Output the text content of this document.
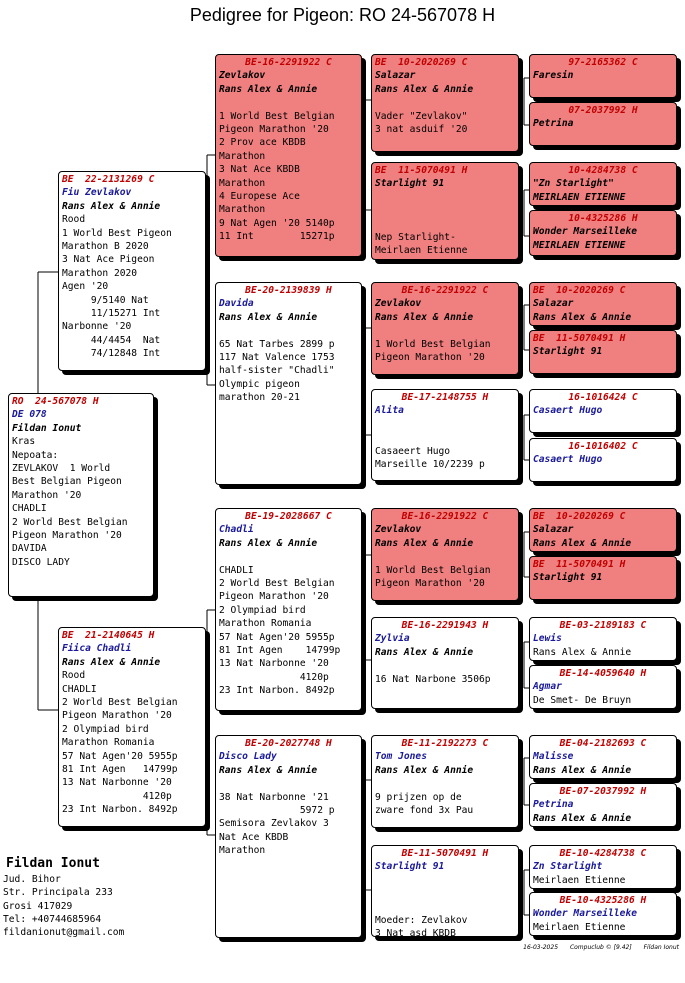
Pedigree for Pigeon: RO 24-567078 H
RO  24-567078 H
DE 078
Fildan Ionut
Kras
Nepoata:
ZEVLAKOV  1 World
Best Belgian Pigeon
Marathon '20
CHADLI
2 World Best Belgian
Pigeon Marathon '20
DAVIDA
DISCO LADY
BE  22-2131269 C
Fiu Zevlakov
Rans Alex & Annie
Rood
1 World Best Pigeon
Marathon B 2020
3 Nat Ace Pigeon
Marathon 2020
Agen '20
9/5140 Nat
11/15271 Int
Narbonne '20
44/4454  Nat
74/12848 Int
BE  21-2140645 H
Fiica Chadli
Rans Alex & Annie
Rood
CHADLI
2 World Best Belgian
Pigeon Marathon '20
2 Olympiad bird
Marathon Romania
57 Nat Agen'20 5955p
81 Int Agen   14799p
13 Nat Narbonne '20
4120p
23 Int Narbon. 8492p
BE-16-2291922 C
Zevlakov
Rans Alex & Annie
1 World Best Belgian
Pigeon Marathon '20
2 Prov ace KBDB
Marathon
3 Nat Ace KBDB
Marathon
4 Europese Ace
Marathon
9 Nat Agen '20 5140p
11 Int        15271p
BE-20-2139839 H
Davida
Rans Alex & Annie
65 Nat Tarbes 2899 p
117 Nat Valence 1753
half-sister "Chadli"
Olympic pigeon
marathon 20-21
BE-19-2028667 C
Chadli
Rans Alex & Annie
CHADLI
2 World Best Belgian
Pigeon Marathon '20
2 Olympiad bird
Marathon Romania
57 Nat Agen'20 5955p
81 Int Agen    14799p
13 Nat Narbonne '20
4120p
23 Int Narbon. 8492p
BE-20-2027748 H
Disco Lady
Rans Alex & Annie
38 Nat Narbonne '21
5972 p
Semisora Zevlakov 3
Nat Ace KBDB
Marathon
BE  10-2020269 C
Salazar
Rans Alex & Annie
Vader "Zevlakov"
3 nat asduif '20
BE  11-5070491 H
Starlight 91
Nep Starlight-
Meirlaen Etienne
BE-16-2291922 C
Zevlakov
Rans Alex & Annie
1 World Best Belgian
Pigeon Marathon '20
BE-17-2148755 H
Alita
Casaeert Hugo
Marseille 10/2239 p
BE-16-2291922 C
Zevlakov
Rans Alex & Annie
1 World Best Belgian
Pigeon Marathon '20
BE-16-2291943 H
Zylvia
Rans Alex & Annie
16 Nat Narbone 3506p
BE-11-2192273 C
Tom Jones
Rans Alex & Annie
9 prijzen op de
zware fond 3x Pau
BE-11-5070491 H
Starlight 91
Moeder: Zevlakov
3 Nat asd KBDB
97-2165362 C
Faresin
07-2037992 H
Petrina
10-4284738 C
"Zn Starlight"
MEIRLAEN ETIENNE
10-4325286 H
Wonder Marseilleke
MEIRLAEN ETIENNE
BE  10-2020269 C
Salazar
Rans Alex & Annie
BE  11-5070491 H
Starlight 91
16-1016424 C
Casaert Hugo
16-1016402 C
Casaert Hugo
BE  10-2020269 C
Salazar
Rans Alex & Annie
BE  11-5070491 H
Starlight 91
BE-03-2189183 C
Lewis
Rans Alex & Annie
BE-14-4059640 H
Agmar
De Smet- De Bruyn
BE-04-2182693 C
Malisse
Rans Alex & Annie
BE-07-2037992 H
Petrina
Rans Alex & Annie
BE-10-4284738 C
Zn Starlight
Meirlaen Etienne
BE-10-4325286 H
Wonder Marseilleke
Meirlaen Etienne
Fildan Ionut
Jud. Bihor
Str. Principala 233
Grosi 417029
Tel: +40744685964
fildanionut@gmail.com
16-03-2025 Compuclub © [9.42] Fildan Ionut
